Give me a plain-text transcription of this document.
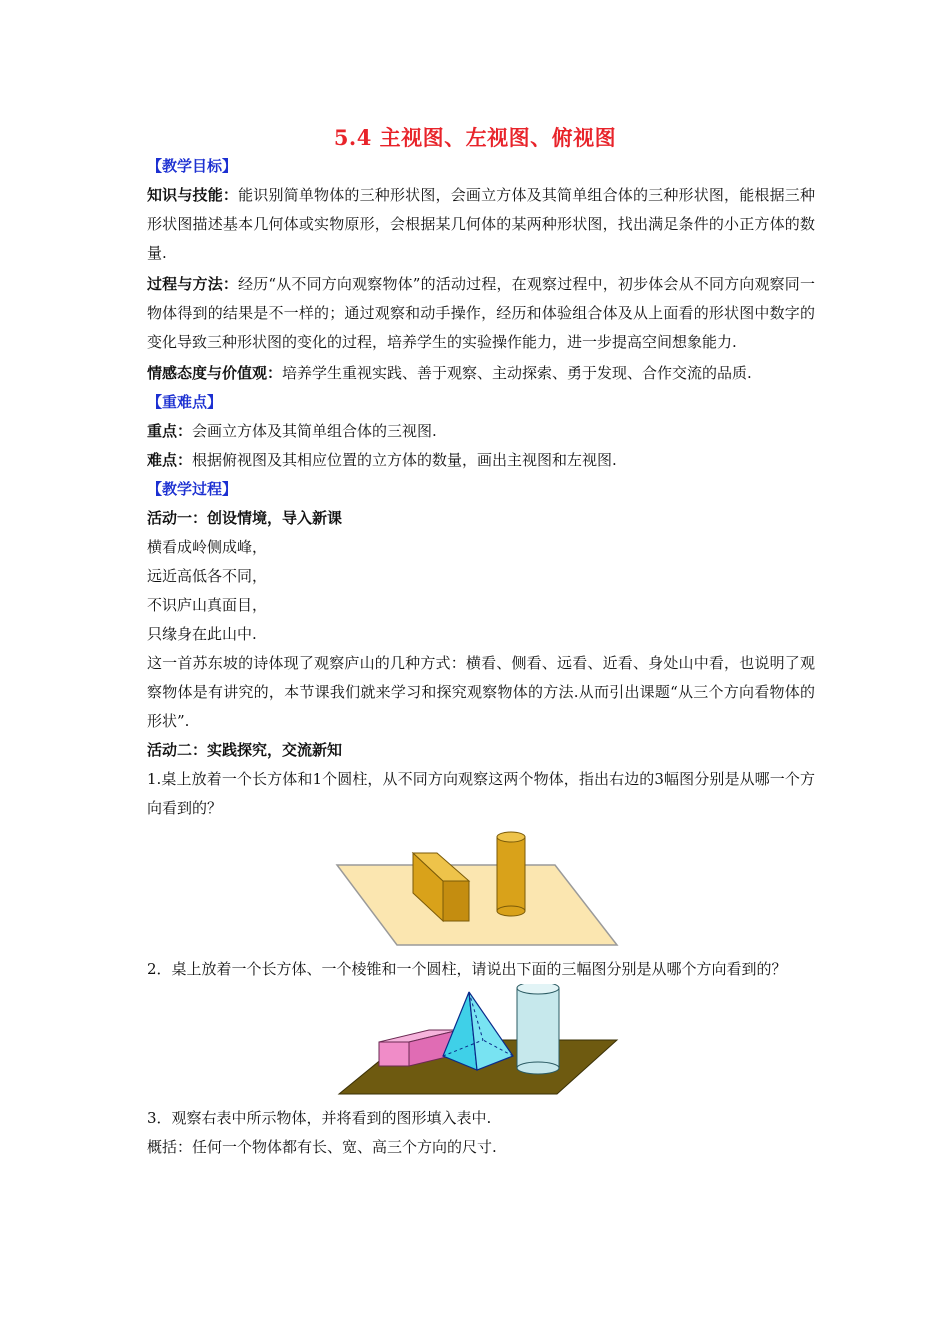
5.4 主视图、左视图、俯视图

【教学目标】

知识与技能：能识别简单物体的三种形状图，会画立方体及其简单组合体的三种形状图，能根据三种形状图描述基本几何体或实物原形，会根据某几何体的某两种形状图，找出满足条件的小正方体的数量.

过程与方法：经历“从不同方向观察物体”的活动过程，在观察过程中，初步体会从不同方向观察同一物体得到的结果是不一样的；通过观察和动手操作，经历和体验组合体及从上面看的形状图中数字的变化导致三种形状图的变化的过程，培养学生的实验操作能力，进一步提高空间想象能力.

情感态度与价值观：培养学生重视实践、善于观察、主动探索、勇于发现、合作交流的品质.

【重难点】

重点：会画立方体及其简单组合体的三视图.

难点：根据俯视图及其相应位置的立方体的数量，画出主视图和左视图.

【教学过程】

活动一：创设情境，导入新课

横看成岭侧成峰，

远近高低各不同，

不识庐山真面目，

只缘身在此山中.

这一首苏东坡的诗体现了观察庐山的几种方式：横看、侧看、远看、近看、身处山中看，也说明了观察物体是有讲究的，本节课我们就来学习和探究观察物体的方法.从而引出课题“从三个方向看物体的形状”.

活动二：实践探究，交流新知

1.桌上放着一个长方体和1个圆柱，从不同方向观察这两个物体，指出右边的3幅图分别是从哪一个方向看到的？

2．桌上放着一个长方体、一个棱锥和一个圆柱，请说出下面的三幅图分别是从哪个方向看到的？

3．观察右表中所示物体，并将看到的图形填入表中.

概括：任何一个物体都有长、宽、高三个方向的尺寸.
